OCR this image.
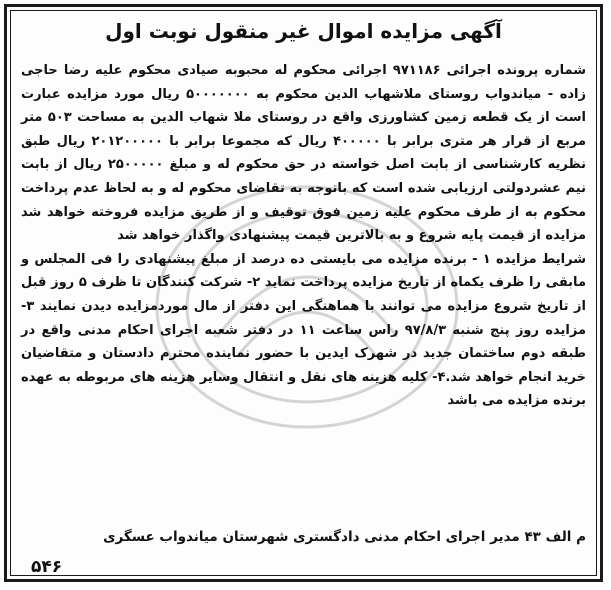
آگهی مزایده اموال غیر منقول نوبت اول

شماره پرونده اجرائی ۹۷۱۱۸۶ اجرائی محکوم له محبوبه صیادی محکوم علیه رضا حاجی زاده - میاندواب روستای ملاشهاب الدین محکوم به ۵۰۰۰۰۰۰۰ ریال مورد مزایده عبارت است از یک قطعه زمین کشاورزی واقع در روستای ملا شهاب الدین به مساحت ۵۰۳ متر مربع از قرار هر متری برابر با ۴۰۰۰۰۰ ریال که مجموعا برابر با ۲۰۱۲۰۰۰۰۰ ریال طبق نظریه کارشناسی از بابت اصل خواسته در حق محکوم له و مبلغ ۲۵۰۰۰۰۰ ریال از بابت نیم عشردولتی ارزیابی شده است که باتوجه به تقاضای محکوم له و به لحاظ عدم پرداخت محکوم به از طرف محکوم علیه زمین فوق توقیف و از طریق مزایده فروخته خواهد شد مزایده از قیمت پایه شروع و به بالاترین قیمت پیشنهادی واگذار خواهد شد

شرایط مزایده ۱ - برنده مزایده می بایستی ده درصد از مبلغ پیشنهادی را فی المجلس و مابقی را ظرف یکماه از تاریخ مزایده پرداخت نماید ۲- شرکت کنندگان تا ظرف ۵ روز قبل از تاریخ شروع مزایده می توانند با هماهنگی این دفتر از مال موردمزایده دیدن نمایند ۳- مزایده روز پنج شنبه ۹۷/۸/۳ راس ساعت ۱۱ در دفتر شعبه اجرای احکام مدنی واقع در طبقه دوم ساختمان جدید در شهرک ایدین با حضور نماینده محترم دادستان و متقاضیان خرید انجام خواهد شد.۴- کلیه هزینه های نقل و انتقال وسایر هزینه های مربوطه به عهده برنده مزایده می باشد

م الف ۴۳ مدیر اجرای احکام مدنی دادگستری شهرستان میاندواب عسگری
۵۴۶
